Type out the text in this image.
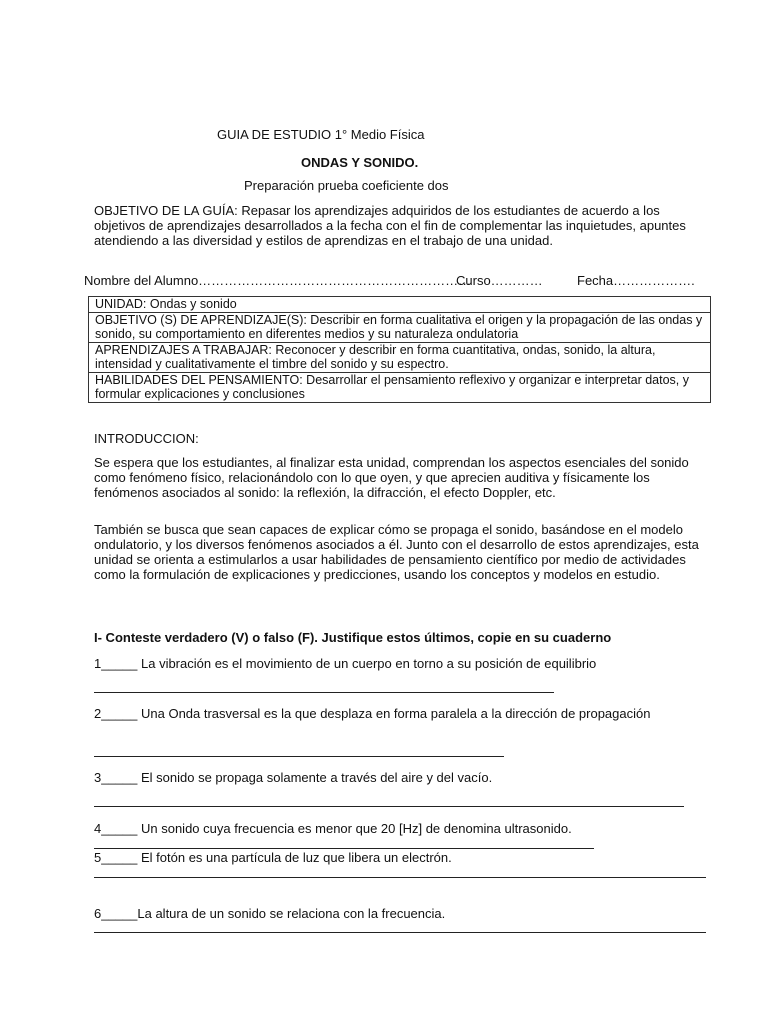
GUIA DE ESTUDIO 1° Medio Física
ONDAS Y SONIDO.
Preparación prueba coeficiente dos
OBJETIVO DE LA GUÍA: Repasar los aprendizajes adquiridos de los estudiantes de acuerdo a los objetivos de aprendizajes desarrollados a la fecha con el fin de complementar las inquietudes, apuntes atendiendo a las diversidad y estilos de aprendizas en el trabajo de una unidad.
Nombre del Alumno………………………………………………………
Curso…………	Fecha……………….
UNIDAD: Ondas y sonido
OBJETIVO (S) DE APRENDIZAJE(S): Describir en forma cualitativa el origen y la propagación de las ondas y sonido, su comportamiento en diferentes medios y su naturaleza ondulatoria
APRENDIZAJES A TRABAJAR: Reconocer y describir en forma cuantitativa, ondas, sonido, la altura, intensidad y cualitativamente el timbre del sonido y su espectro.
HABILIDADES DEL PENSAMIENTO: Desarrollar el pensamiento reflexivo y organizar e interpretar datos, y formular explicaciones y conclusiones
INTRODUCCION:
Se espera que los estudiantes, al finalizar esta unidad, comprendan los aspectos esenciales del sonido como fenómeno físico, relacionándolo con lo que oyen, y que aprecien auditiva y físicamente los fenómenos asociados al sonido: la reflexión, la difracción, el efecto Doppler, etc.
También se busca que sean capaces de explicar cómo se propaga el sonido, basándose en el modelo ondulatorio, y los diversos fenómenos asociados a él. Junto con el desarrollo de estos aprendizajes, esta unidad se orienta a estimularlos a usar habilidades de pensamiento científico por medio de actividades como la formulación de explicaciones y predicciones, usando los conceptos y modelos en estudio.
I- Conteste verdadero (V) o falso (F). Justifique estos últimos, copie en su cuaderno
1_____ La vibración es el movimiento de un cuerpo en torno a su posición de equilibrio
2_____ Una Onda trasversal es la que desplaza en forma paralela a la dirección de propagación
3_____ El sonido se propaga solamente a través del aire y del vacío.
4_____ Un sonido cuya frecuencia es menor que 20 [Hz] de denomina ultrasonido.
5_____ El fotón es una partícula de luz que libera un electrón.
6_____La altura de un sonido se relaciona con la frecuencia.
